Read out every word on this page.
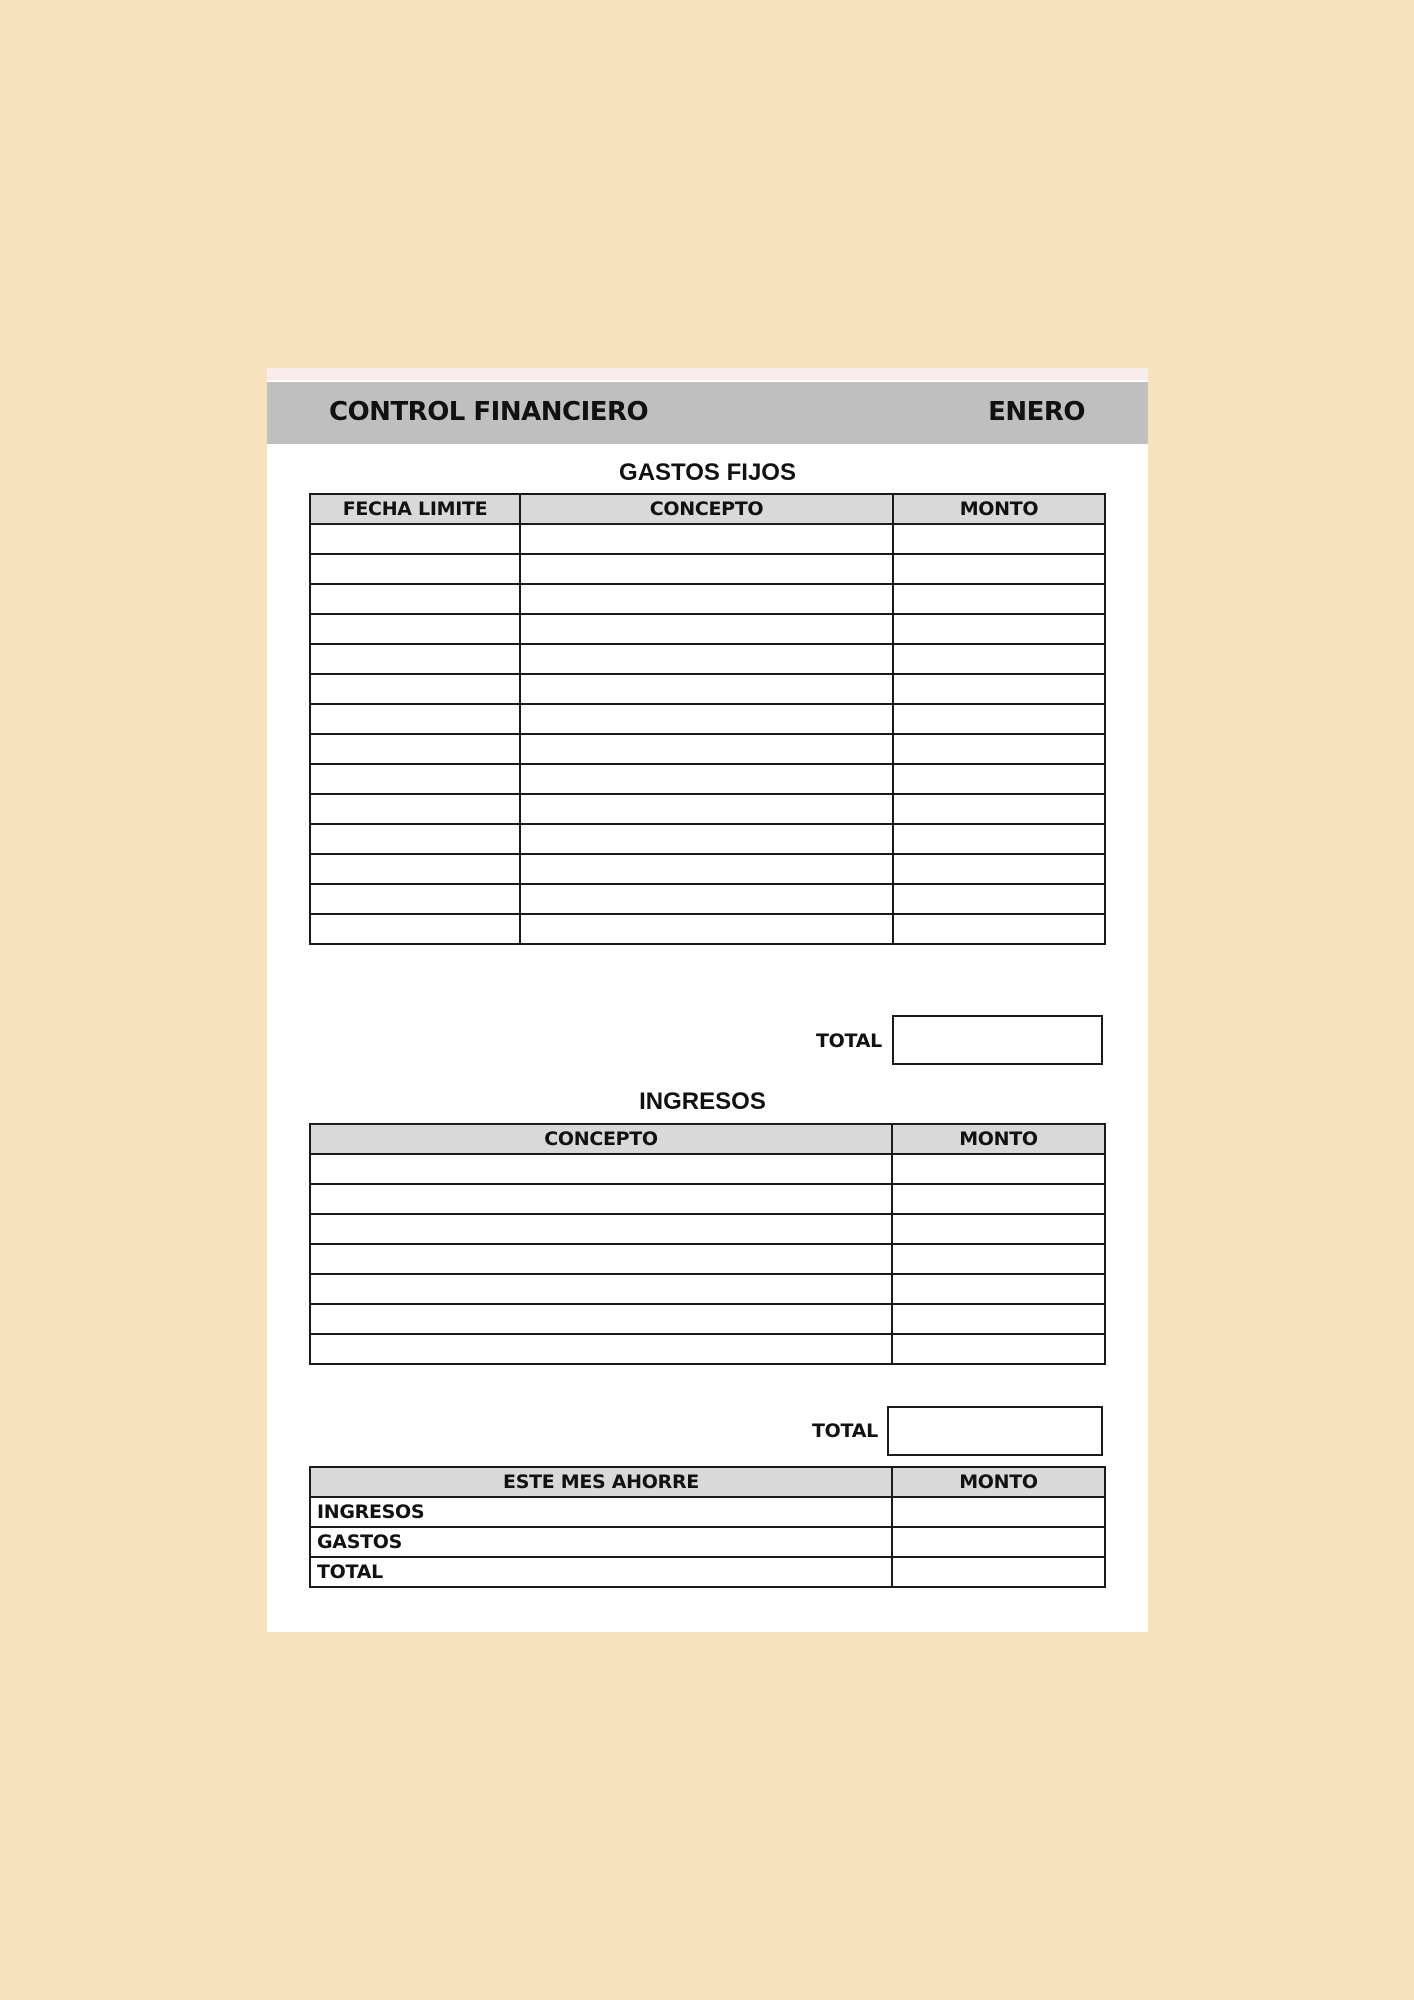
CONTROL FINANCIERO	ENERO
GASTOS FIJOS
FECHA LIMITE	CONCEPTO	MONTO

TOTAL
INGRESOS
CONCEPTO	MONTO

TOTAL
ESTE MES AHORRE	MONTO
INGRESOS	
GASTOS	
TOTAL	
